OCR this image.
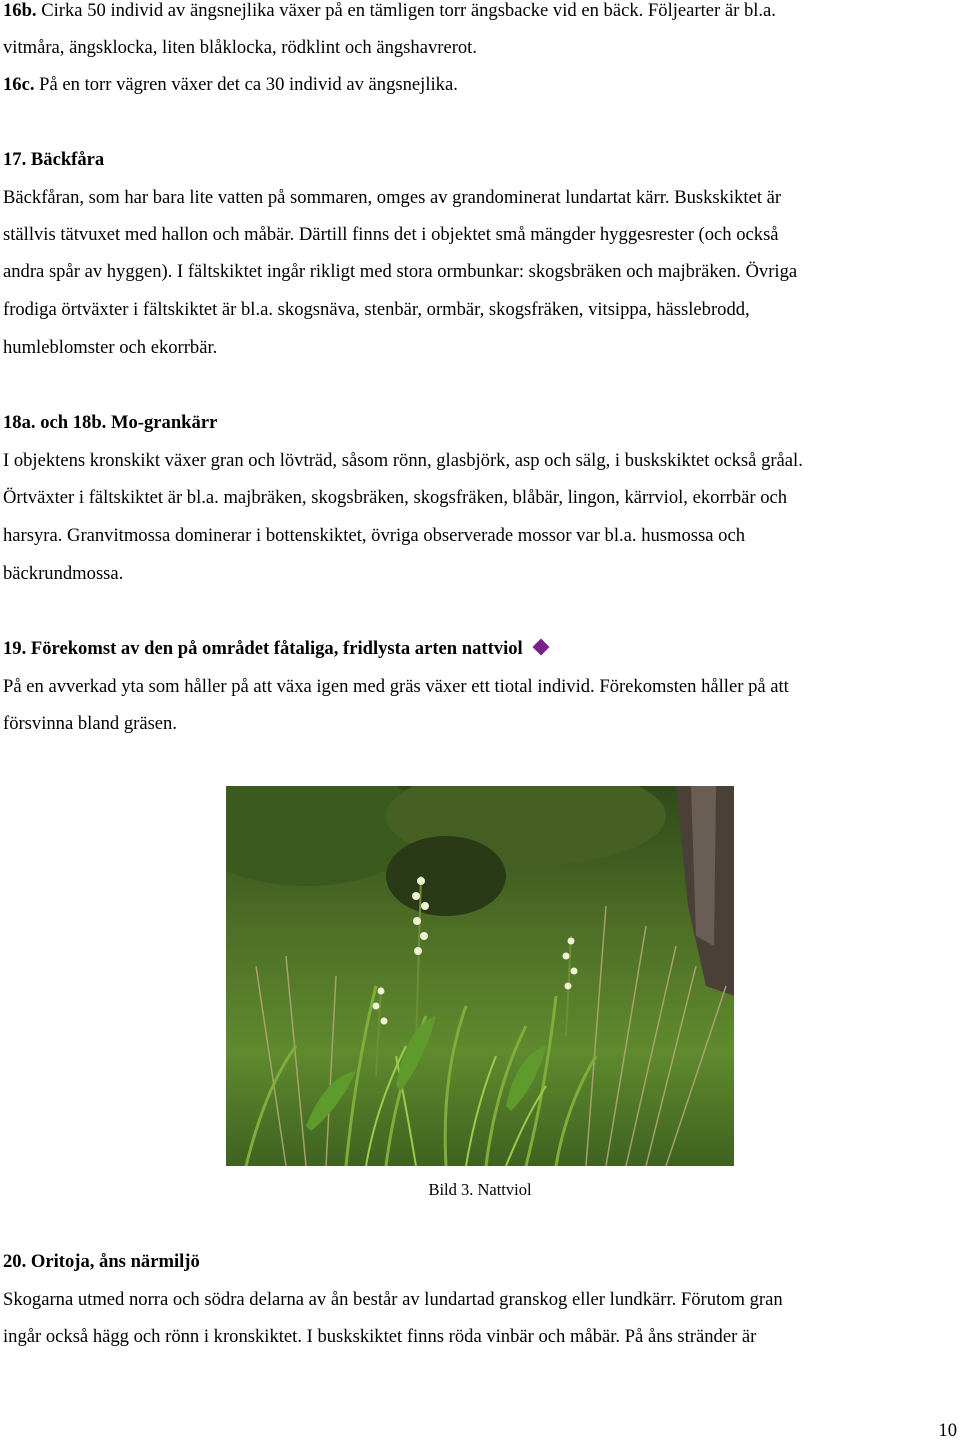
16b. Cirka 50 individ av ängsnejlika växer på en tämligen torr ängsbacke vid en bäck. Följearter är bl.a.
vitmåra, ängsklocka, liten blåklocka, rödklint och ängshavrerot.
16c. På en torr vägren växer det ca 30 individ av ängsnejlika.
17. Bäckfåra
Bäckfåran, som har bara lite vatten på sommaren, omges av grandominerat lundartat kärr. Buskskiktet är
ställvis tätvuxet med hallon och måbär. Därtill finns det i objektet små mängder hyggesrester (och också
andra spår av hyggen). I fältskiktet ingår rikligt med stora ormbunkar: skogsbräken och majbräken. Övriga
frodiga örtväxter i fältskiktet är bl.a. skogsnäva, stenbär, ormbär, skogsfräken, vitsippa, hässlebrodd,
humleblomster och ekorrbär.
18a. och 18b. Mo-grankärr
I objektens kronskikt växer gran och lövträd, såsom rönn, glasbjörk, asp och sälg, i buskskiktet också gråal.
Örtväxter i fältskiktet är bl.a. majbräken, skogsbräken, skogsfräken, blåbär, lingon, kärrviol, ekorrbär och
harsyra. Granvitmossa dominerar i bottenskiktet, övriga observerade mossor var bl.a. husmossa och
bäckrundmossa.
19. Förekomst av den på området fåtaliga, fridlysta arten nattviol
På en avverkad yta som håller på att växa igen med gräs växer ett tiotal individ. Förekomsten håller på att
försvinna bland gräsen.
Bild 3. Nattviol
20. Oritoja, åns närmiljö
Skogarna utmed norra och södra delarna av ån består av lundartad granskog eller lundkärr. Förutom gran
ingår också hägg och rönn i kronskiktet. I buskskiktet finns röda vinbär och måbär. På åns stränder är
10
